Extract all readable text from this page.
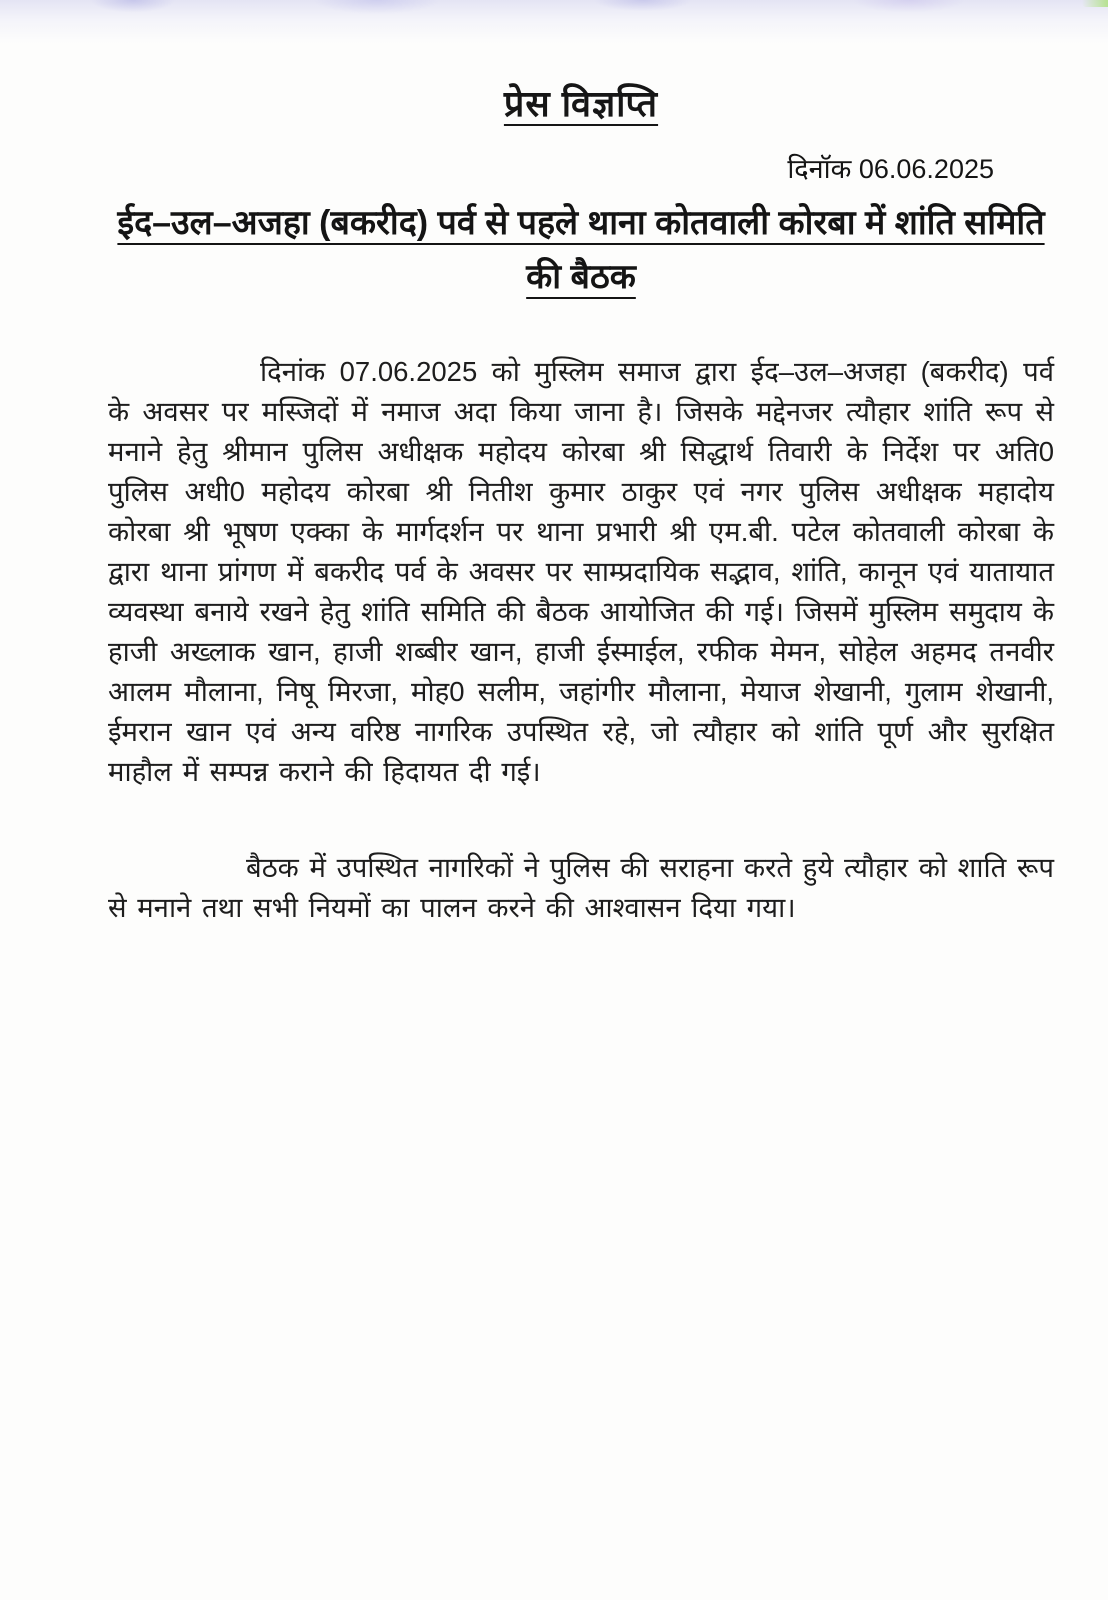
प्रेस विज्ञप्ति
दिनॉक 06.06.2025
ईद–उल–अजहा (बकरीद) पर्व से पहले थाना कोतवाली कोरबा में शांति समिति की बैठक

दिनांक 07.06.2025 को मुस्लिम समाज द्वारा ईद–उल–अजहा (बकरीद) पर्व के अवसर पर मस्जिदों में नमाज अदा किया जाना है। जिसके मद्देनजर त्यौहार शांति रूप से मनाने हेतु श्रीमान पुलिस अधीक्षक महोदय कोरबा श्री सिद्धार्थ तिवारी के निर्देश पर अति0 पुलिस अधी0 महोदय कोरबा श्री नितीश कुमार ठाकुर एवं नगर पुलिस अधीक्षक महादोय कोरबा श्री भूषण एक्का के मार्गदर्शन पर थाना प्रभारी श्री एम.बी. पटेल कोतवाली कोरबा के द्वारा थाना प्रांगण में बकरीद पर्व के अवसर पर साम्प्रदायिक सद्भाव, शांति, कानून एवं यातायात व्यवस्था बनाये रखने हेतु शांति समिति की बैठक आयोजित की गई। जिसमें मुस्लिम समुदाय के हाजी अख्लाक खान, हाजी शब्बीर खान, हाजी ईस्माईल, रफीक मेमन, सोहेल अहमद तनवीर आलम मौलाना, निषू मिरजा, मोह0 सलीम, जहांगीर मौलाना, मेयाज शेखानी, गुलाम शेखानी, ईमरान खान एवं अन्य वरिष्ठ नागरिक उपस्थित रहे, जो त्यौहार को शांति पूर्ण और सुरक्षित माहौल में सम्पन्न कराने की हिदायत दी गई।

बैठक में उपस्थित नागरिकों ने पुलिस की सराहना करते हुये त्यौहार को शाति रूप से मनाने तथा सभी नियमों का पालन करने की आश्वासन दिया गया।
